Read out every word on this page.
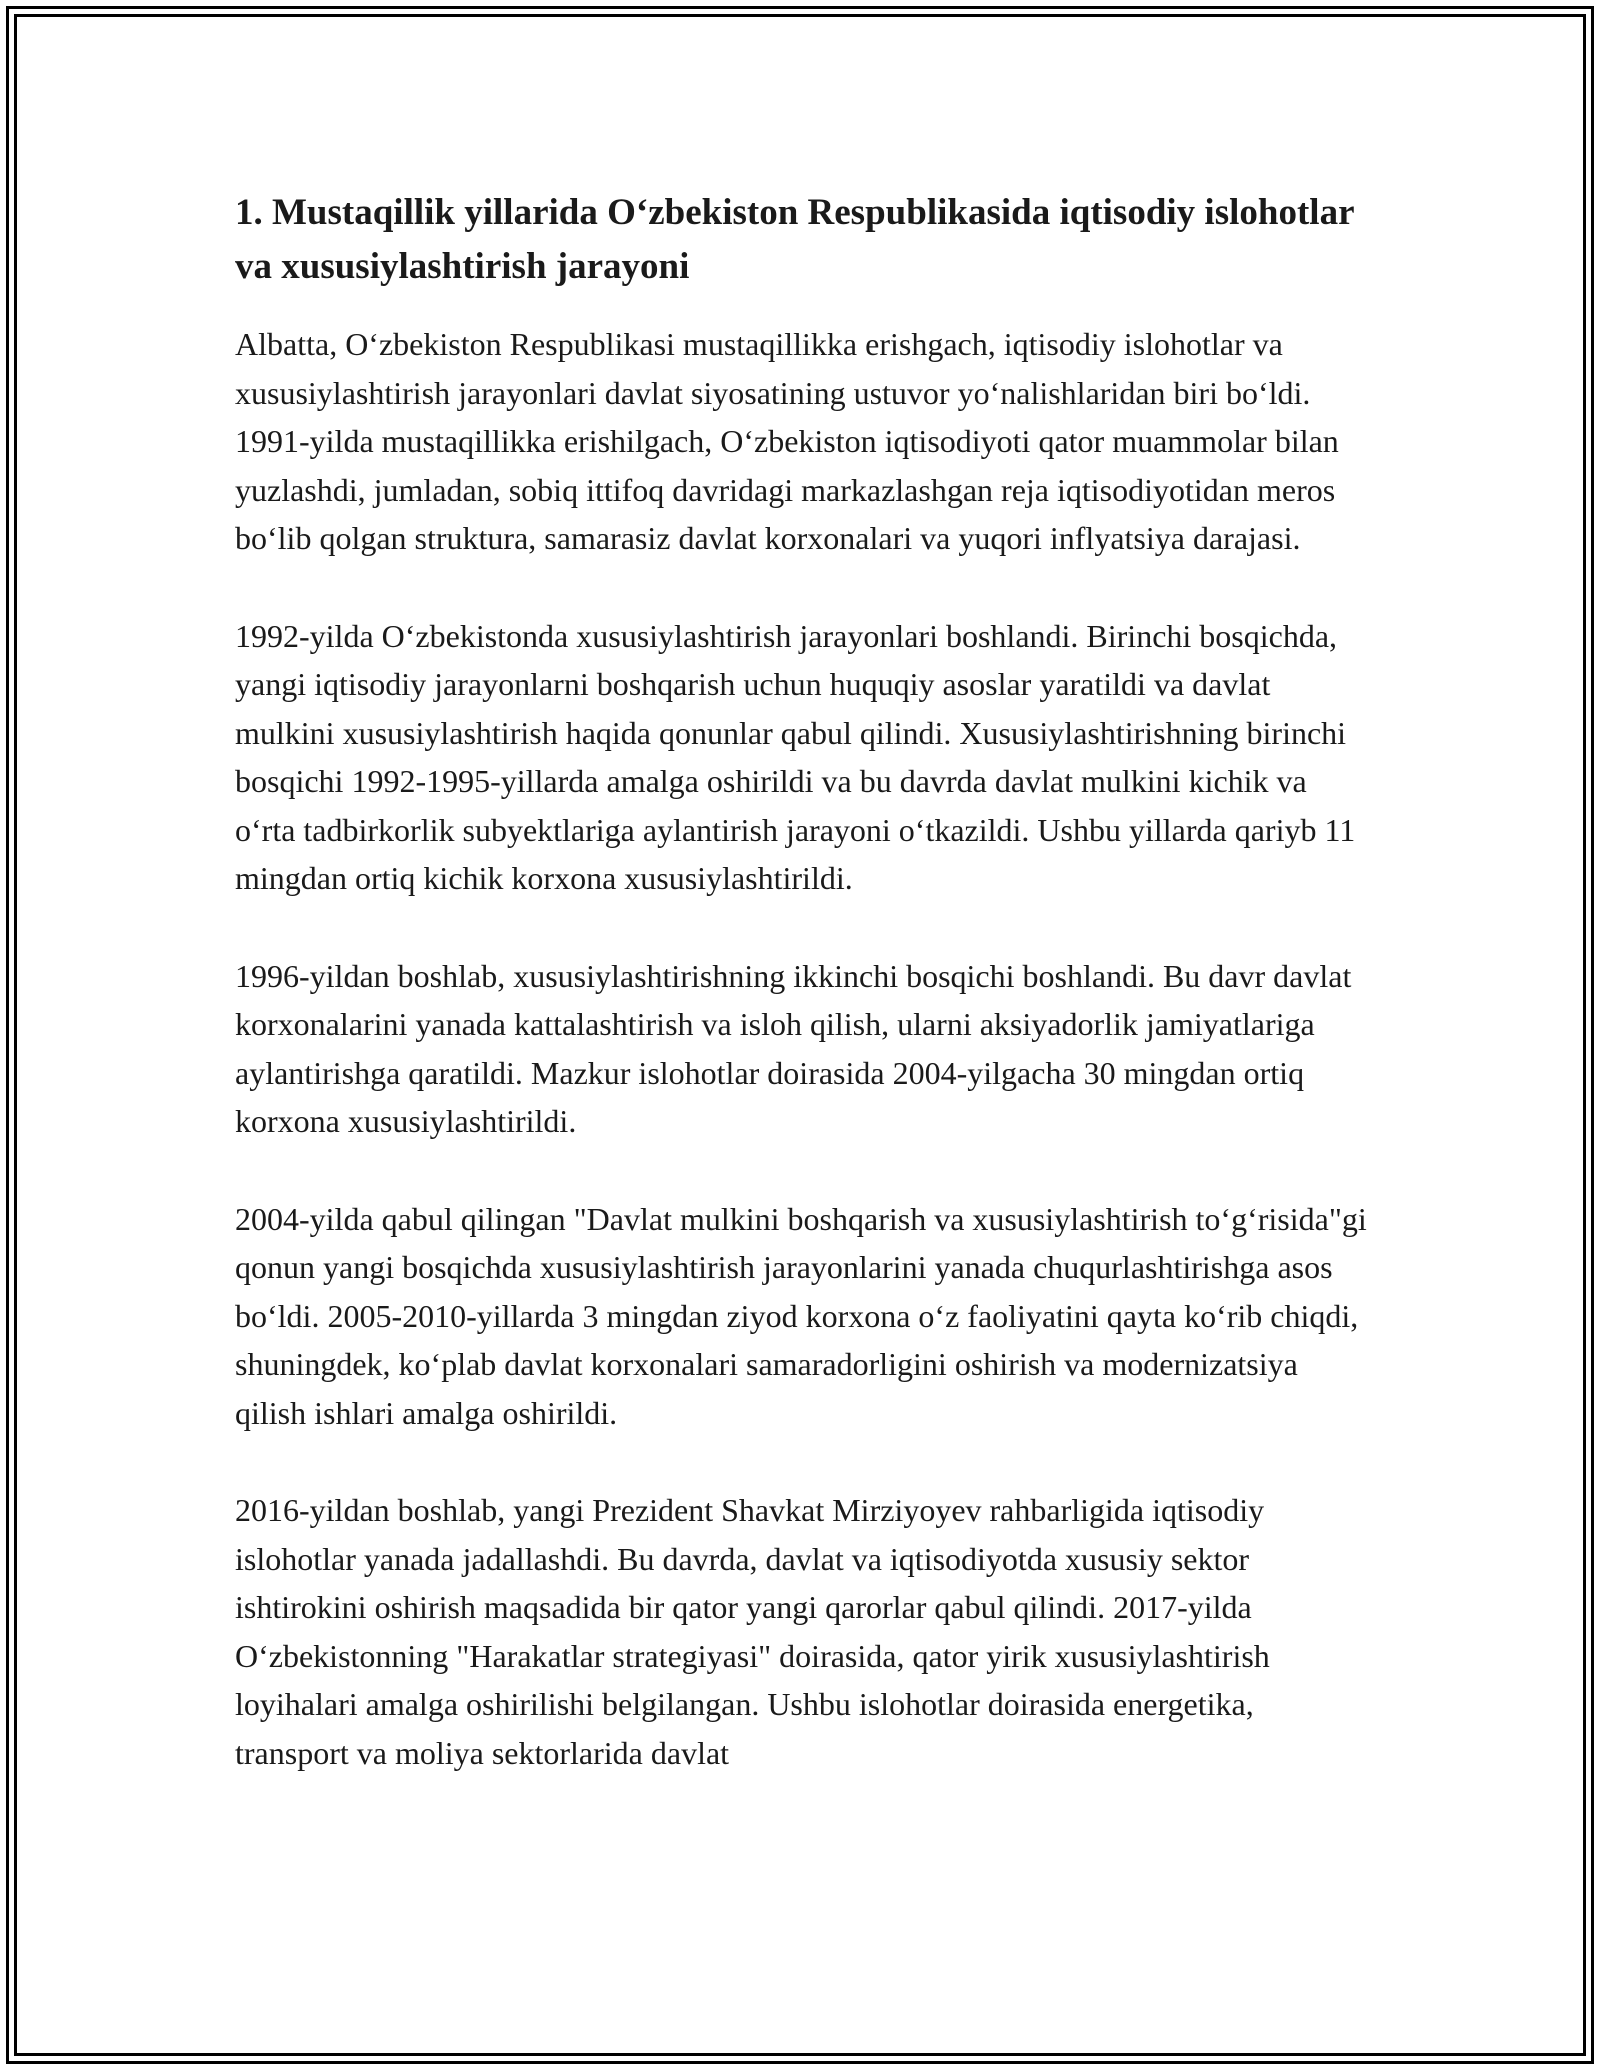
1. Mustaqillik yillarida O‘zbekiston Respublikasida iqtisodiy islohotlar va xususiylashtirish jarayoni

Albatta, O‘zbekiston Respublikasi mustaqillikka erishgach, iqtisodiy islohotlar va xususiylashtirish jarayonlari davlat siyosatining ustuvor yo‘nalishlaridan biri bo‘ldi. 1991-yilda mustaqillikka erishilgach, O‘zbekiston iqtisodiyoti qator muammolar bilan yuzlashdi, jumladan, sobiq ittifoq davridagi markazlashgan reja iqtisodiyotidan meros bo‘lib qolgan struktura, samarasiz davlat korxonalari va yuqori inflyatsiya darajasi.

1992-yilda O‘zbekistonda xususiylashtirish jarayonlari boshlandi. Birinchi bosqichda, yangi iqtisodiy jarayonlarni boshqarish uchun huquqiy asoslar yaratildi va davlat mulkini xususiylashtirish haqida qonunlar qabul qilindi. Xususiylashtirishning birinchi bosqichi 1992-1995-yillarda amalga oshirildi va bu davrda davlat mulkini kichik va o‘rta tadbirkorlik subyektlariga aylantirish jarayoni o‘tkazildi. Ushbu yillarda qariyb 11 mingdan ortiq kichik korxona xususiylashtirildi.

1996-yildan boshlab, xususiylashtirishning ikkinchi bosqichi boshlandi. Bu davr davlat korxonalarini yanada kattalashtirish va isloh qilish, ularni aksiyadorlik jamiyatlariga aylantirishga qaratildi. Mazkur islohotlar doirasida 2004-yilgacha 30 mingdan ortiq korxona xususiylashtirildi.

2004-yilda qabul qilingan "Davlat mulkini boshqarish va xususiylashtirish to‘g‘risida"gi qonun yangi bosqichda xususiylashtirish jarayonlarini yanada chuqurlashtirishga asos bo‘ldi. 2005-2010-yillarda 3 mingdan ziyod korxona o‘z faoliyatini qayta ko‘rib chiqdi, shuningdek, ko‘plab davlat korxonalari samaradorligini oshirish va modernizatsiya qilish ishlari amalga oshirildi.

2016-yildan boshlab, yangi Prezident Shavkat Mirziyoyev rahbarligida iqtisodiy islohotlar yanada jadallashdi. Bu davrda, davlat va iqtisodiyotda xususiy sektor ishtirokini oshirish maqsadida bir qator yangi qarorlar qabul qilindi. 2017-yilda O‘zbekistonning "Harakatlar strategiyasi" doirasida, qator yirik xususiylashtirish loyihalari amalga oshirilishi belgilangan. Ushbu islohotlar doirasida energetika, transport va moliya sektorlarida davlat
